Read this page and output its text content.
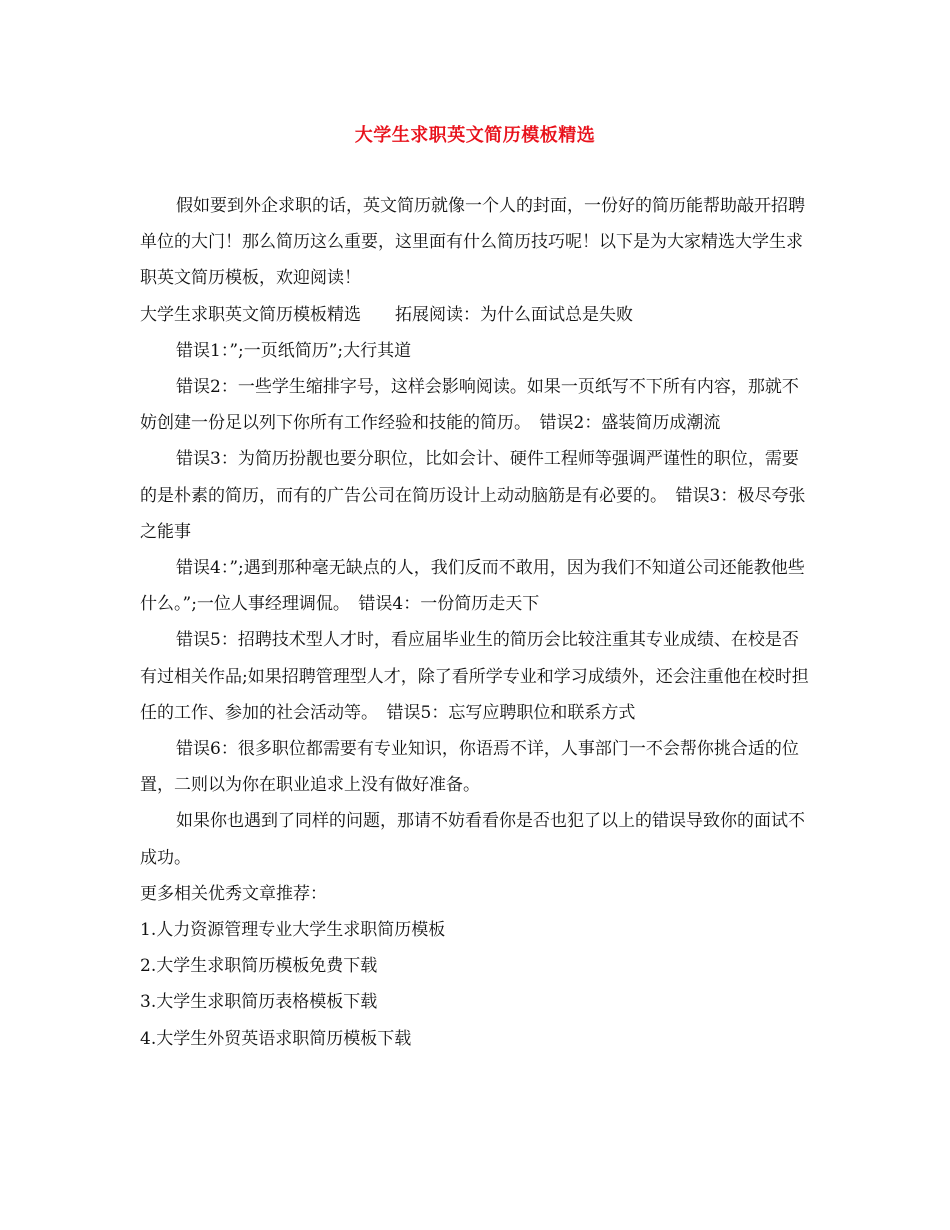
大学生求职英文简历模板精选

假如要到外企求职的话，英文简历就像一个人的封面，一份好的简历能帮助敲开招聘单位的大门！那么简历这么重要，这里面有什么简历技巧呢！以下是为大家精选大学生求职英文简历模板，欢迎阅读！

大学生求职英文简历模板精选　　拓展阅读：为什么面试总是失败

错误1：”;一页纸简历”;大行其道

错误2：一些学生缩排字号，这样会影响阅读。如果一页纸写不下所有内容，那就不妨创建一份足以列下你所有工作经验和技能的简历。　错误2：盛装简历成潮流

错误3：为简历扮靓也要分职位，比如会计、硬件工程师等强调严谨性的职位，需要的是朴素的简历，而有的广告公司在简历设计上动动脑筋是有必要的。　错误3：极尽夸张之能事

错误4：”;遇到那种毫无缺点的人，我们反而不敢用，因为我们不知道公司还能教他些什么。”;一位人事经理调侃。　错误4：一份简历走天下

错误5：招聘技术型人才时，看应届毕业生的简历会比较注重其专业成绩、在校是否有过相关作品;如果招聘管理型人才，除了看所学专业和学习成绩外，还会注重他在校时担任的工作、参加的社会活动等。　错误5：忘写应聘职位和联系方式

错误6：很多职位都需要有专业知识，你语焉不详，人事部门一不会帮你挑合适的位置，二则以为你在职业追求上没有做好准备。

如果你也遇到了同样的问题，那请不妨看看你是否也犯了以上的错误导致你的面试不成功。

更多相关优秀文章推荐：

1.人力资源管理专业大学生求职简历模板

2.大学生求职简历模板免费下载

3.大学生求职简历表格模板下载

4.大学生外贸英语求职简历模板下载
